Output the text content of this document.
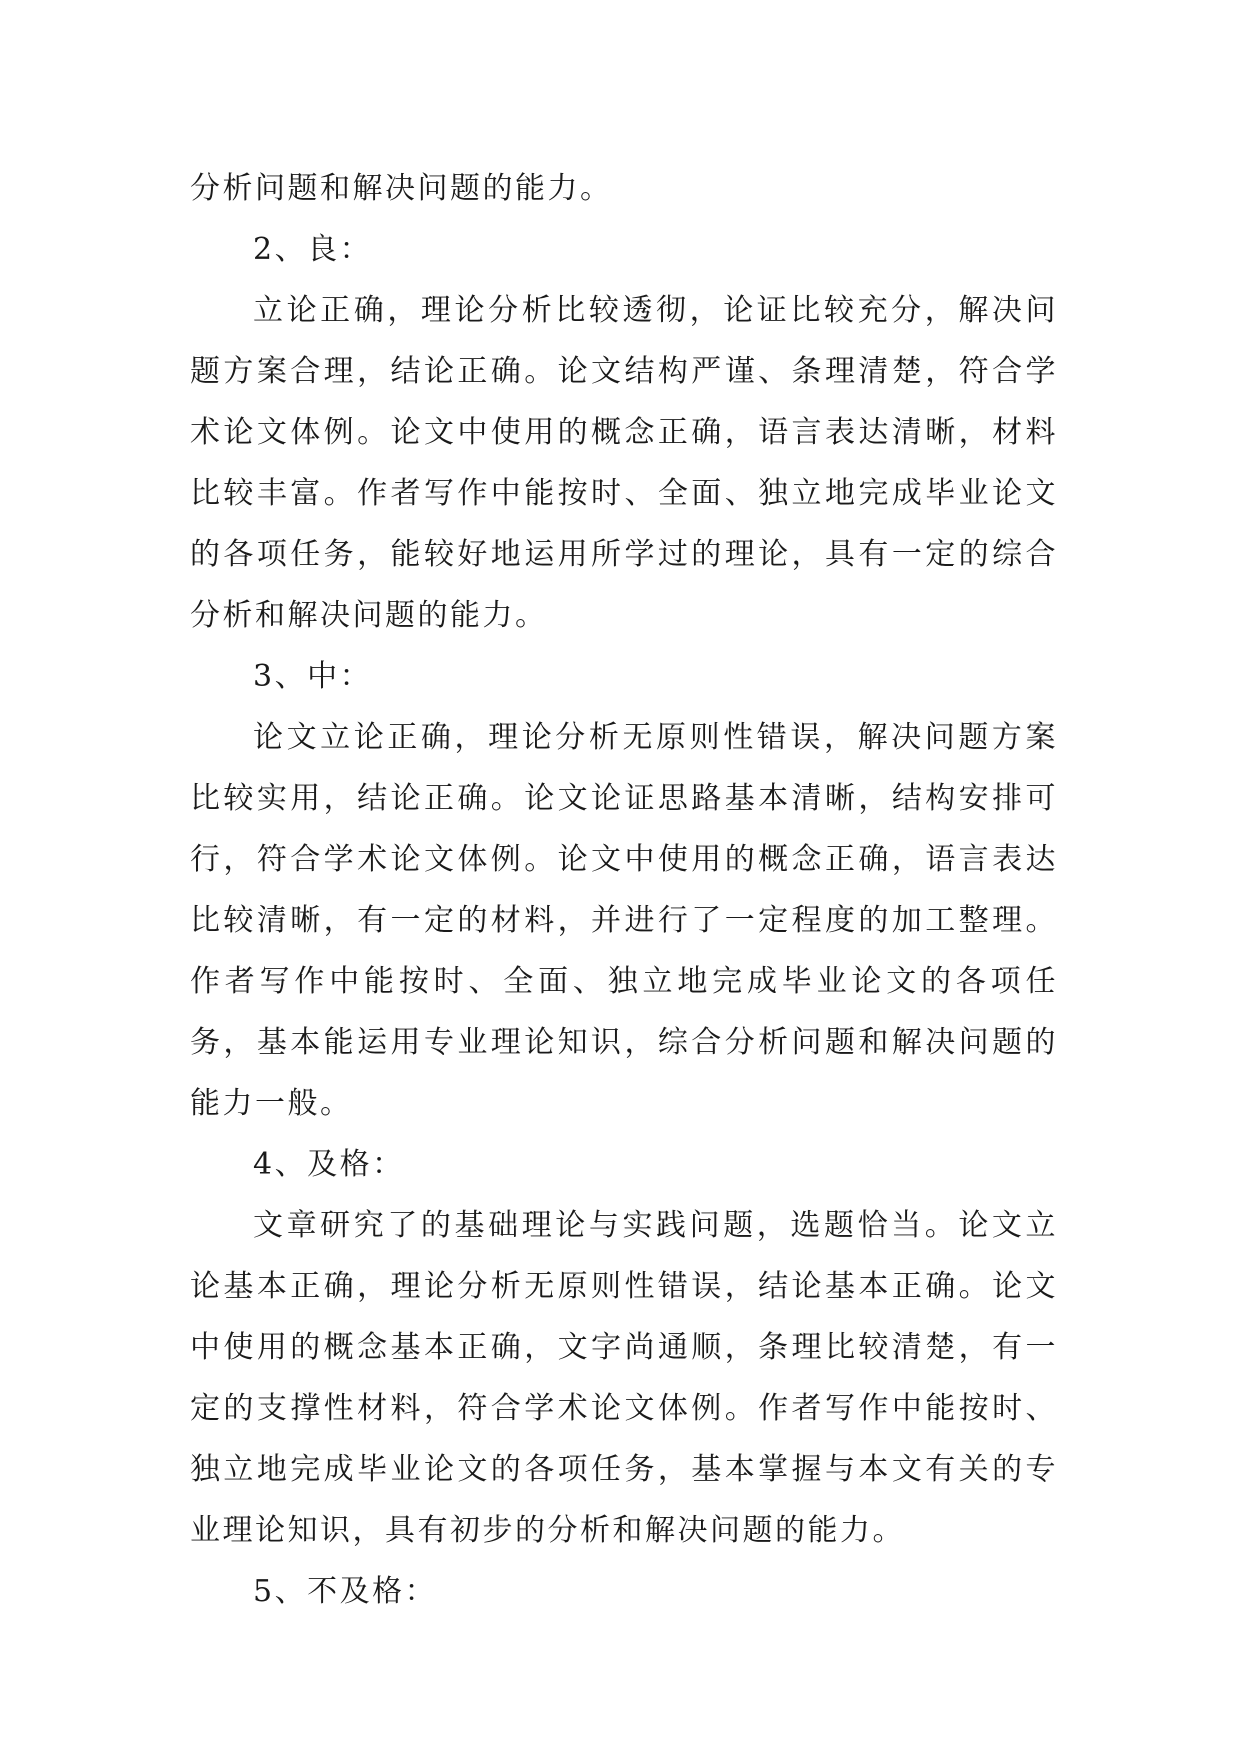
分析问题和解决问题的能力。

2、良：

立论正确，理论分析比较透彻，论证比较充分，解决问题方案合理，结论正确。论文结构严谨、条理清楚，符合学术论文体例。论文中使用的概念正确，语言表达清晰，材料比较丰富。作者写作中能按时、全面、独立地完成毕业论文的各项任务，能较好地运用所学过的理论，具有一定的综合分析和解决问题的能力。

3、中：

论文立论正确，理论分析无原则性错误，解决问题方案比较实用，结论正确。论文论证思路基本清晰，结构安排可行，符合学术论文体例。论文中使用的概念正确，语言表达比较清晰，有一定的材料，并进行了一定程度的加工整理。作者写作中能按时、全面、独立地完成毕业论文的各项任务，基本能运用专业理论知识，综合分析问题和解决问题的能力一般。

4、及格：

文章研究了的基础理论与实践问题，选题恰当。论文立论基本正确，理论分析无原则性错误，结论基本正确。论文中使用的概念基本正确，文字尚通顺，条理比较清楚，有一定的支撑性材料，符合学术论文体例。作者写作中能按时、独立地完成毕业论文的各项任务，基本掌握与本文有关的专业理论知识，具有初步的分析和解决问题的能力。

5、不及格：
